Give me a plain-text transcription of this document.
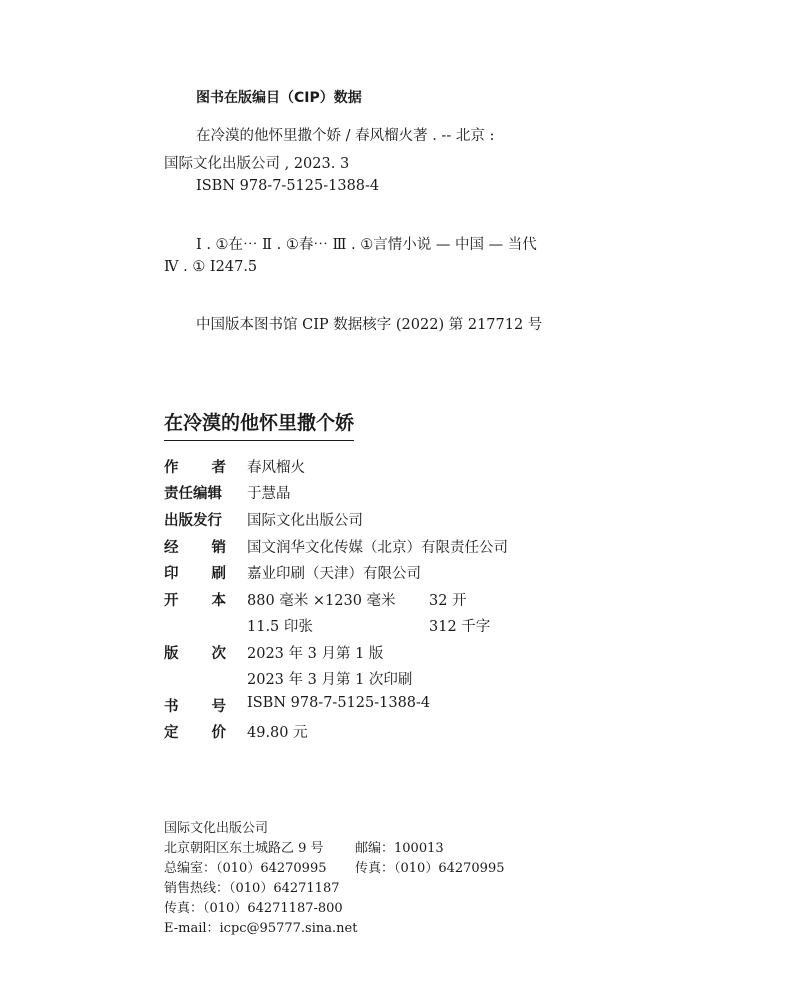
图书在版编目（CIP）数据
在冷漠的他怀里撒个娇 / 春风榴火著 . -- 北京 :
国际文化出版公司 , 2023. 3
ISBN 978-7-5125-1388-4
Ⅰ . ①在⋯ Ⅱ . ①春⋯ Ⅲ . ①言情小说 — 中国 — 当代
Ⅳ . ① I247.5
中国版本图书馆 CIP 数据核字 (2022) 第 217712 号
在冷漠的他怀里撒个娇
作 者 春风榴火
责任编辑 于慧晶
出版发行 国际文化出版公司
经 销 国文润华文化传媒（北京）有限责任公司
印 刷 嘉业印刷（天津）有限公司
开 本 880 毫米 ×1230 毫米 32 开
11.5 印张	312 千字
版 次 2023 年 3 月第 1 版
2023 年 3 月第 1 次印刷
书 号 ISBN 978-7-5125-1388-4
定 价 49.80 元
国际文化出版公司
北京朝阳区东土城路乙 9 号 邮编：100013
总编室：（010）64270995 传真：（010）64270995
销售热线：（010）64271187
传真：（010）64271187-800
E-mail：icpc@95777.sina.net
